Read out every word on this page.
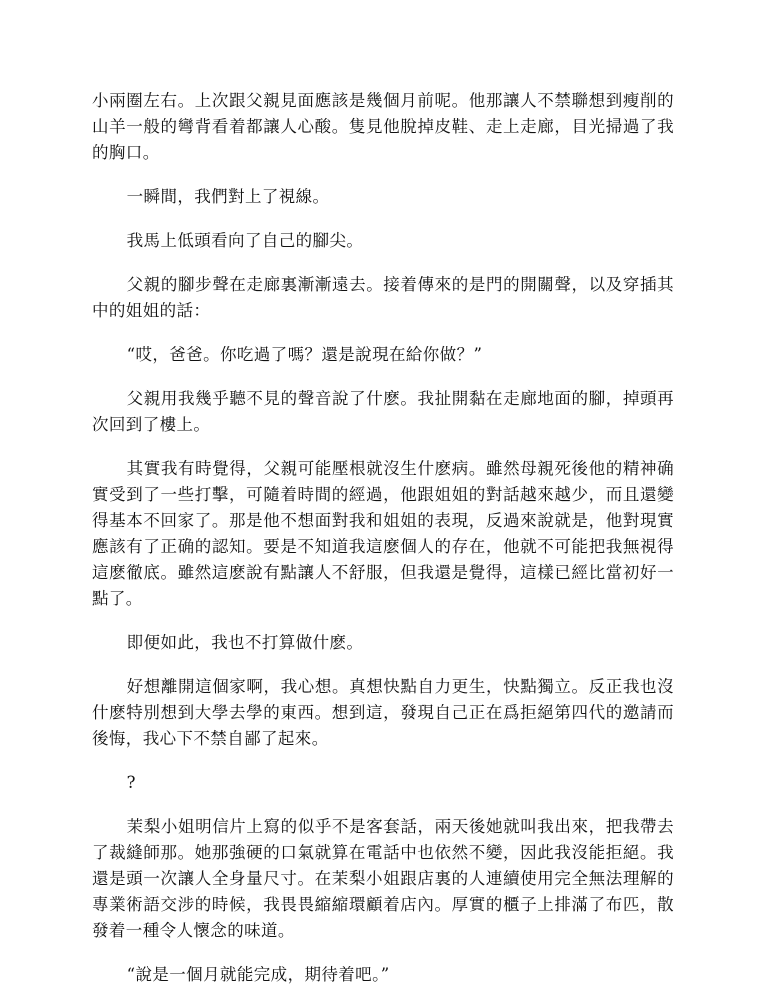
小兩圈左右。上次跟父親見面應該是幾個月前呢。他那讓人不禁聯想到瘦削的山羊一般的彎背看着都讓人心酸。隻見他脫掉皮鞋、走上走廊，目光掃過了我的胸口。

一瞬間，我們對上了視線。

我馬上低頭看向了自己的腳尖。

父親的腳步聲在走廊裏漸漸遠去。接着傳來的是門的開關聲，以及穿插其中的姐姐的話：

“哎，爸爸。你吃過了嗎？還是說現在給你做？”

父親用我幾乎聽不見的聲音說了什麽。我扯開黏在走廊地面的腳，掉頭再次回到了樓上。

其實我有時覺得，父親可能壓根就沒生什麽病。雖然母親死後他的精神确實受到了一些打擊，可隨着時間的經過，他跟姐姐的對話越來越少，而且還變得基本不回家了。那是他不想面對我和姐姐的表現，反過來說就是，他對現實應該有了正确的認知。要是不知道我這麽個人的存在，他就不可能把我無視得這麽徹底。雖然這麽說有點讓人不舒服，但我還是覺得，這樣已經比當初好一點了。

即便如此，我也不打算做什麽。

好想離開這個家啊，我心想。真想快點自力更生，快點獨立。反正我也沒什麽特別想到大學去學的東西。想到這，發現自己正在爲拒絕第四代的邀請而後悔，我心下不禁自鄙了起來。

?

茉梨小姐明信片上寫的似乎不是客套話，兩天後她就叫我出來，把我帶去了裁縫師那。她那強硬的口氣就算在電話中也依然不變，因此我沒能拒絕。我還是頭一次讓人全身量尺寸。在茉梨小姐跟店裏的人連續使用完全無法理解的專業術語交涉的時候，我畏畏縮縮環顧着店內。厚實的櫃子上排滿了布匹，散發着一種令人懷念的味道。

“說是一個月就能完成，期待着吧。”
